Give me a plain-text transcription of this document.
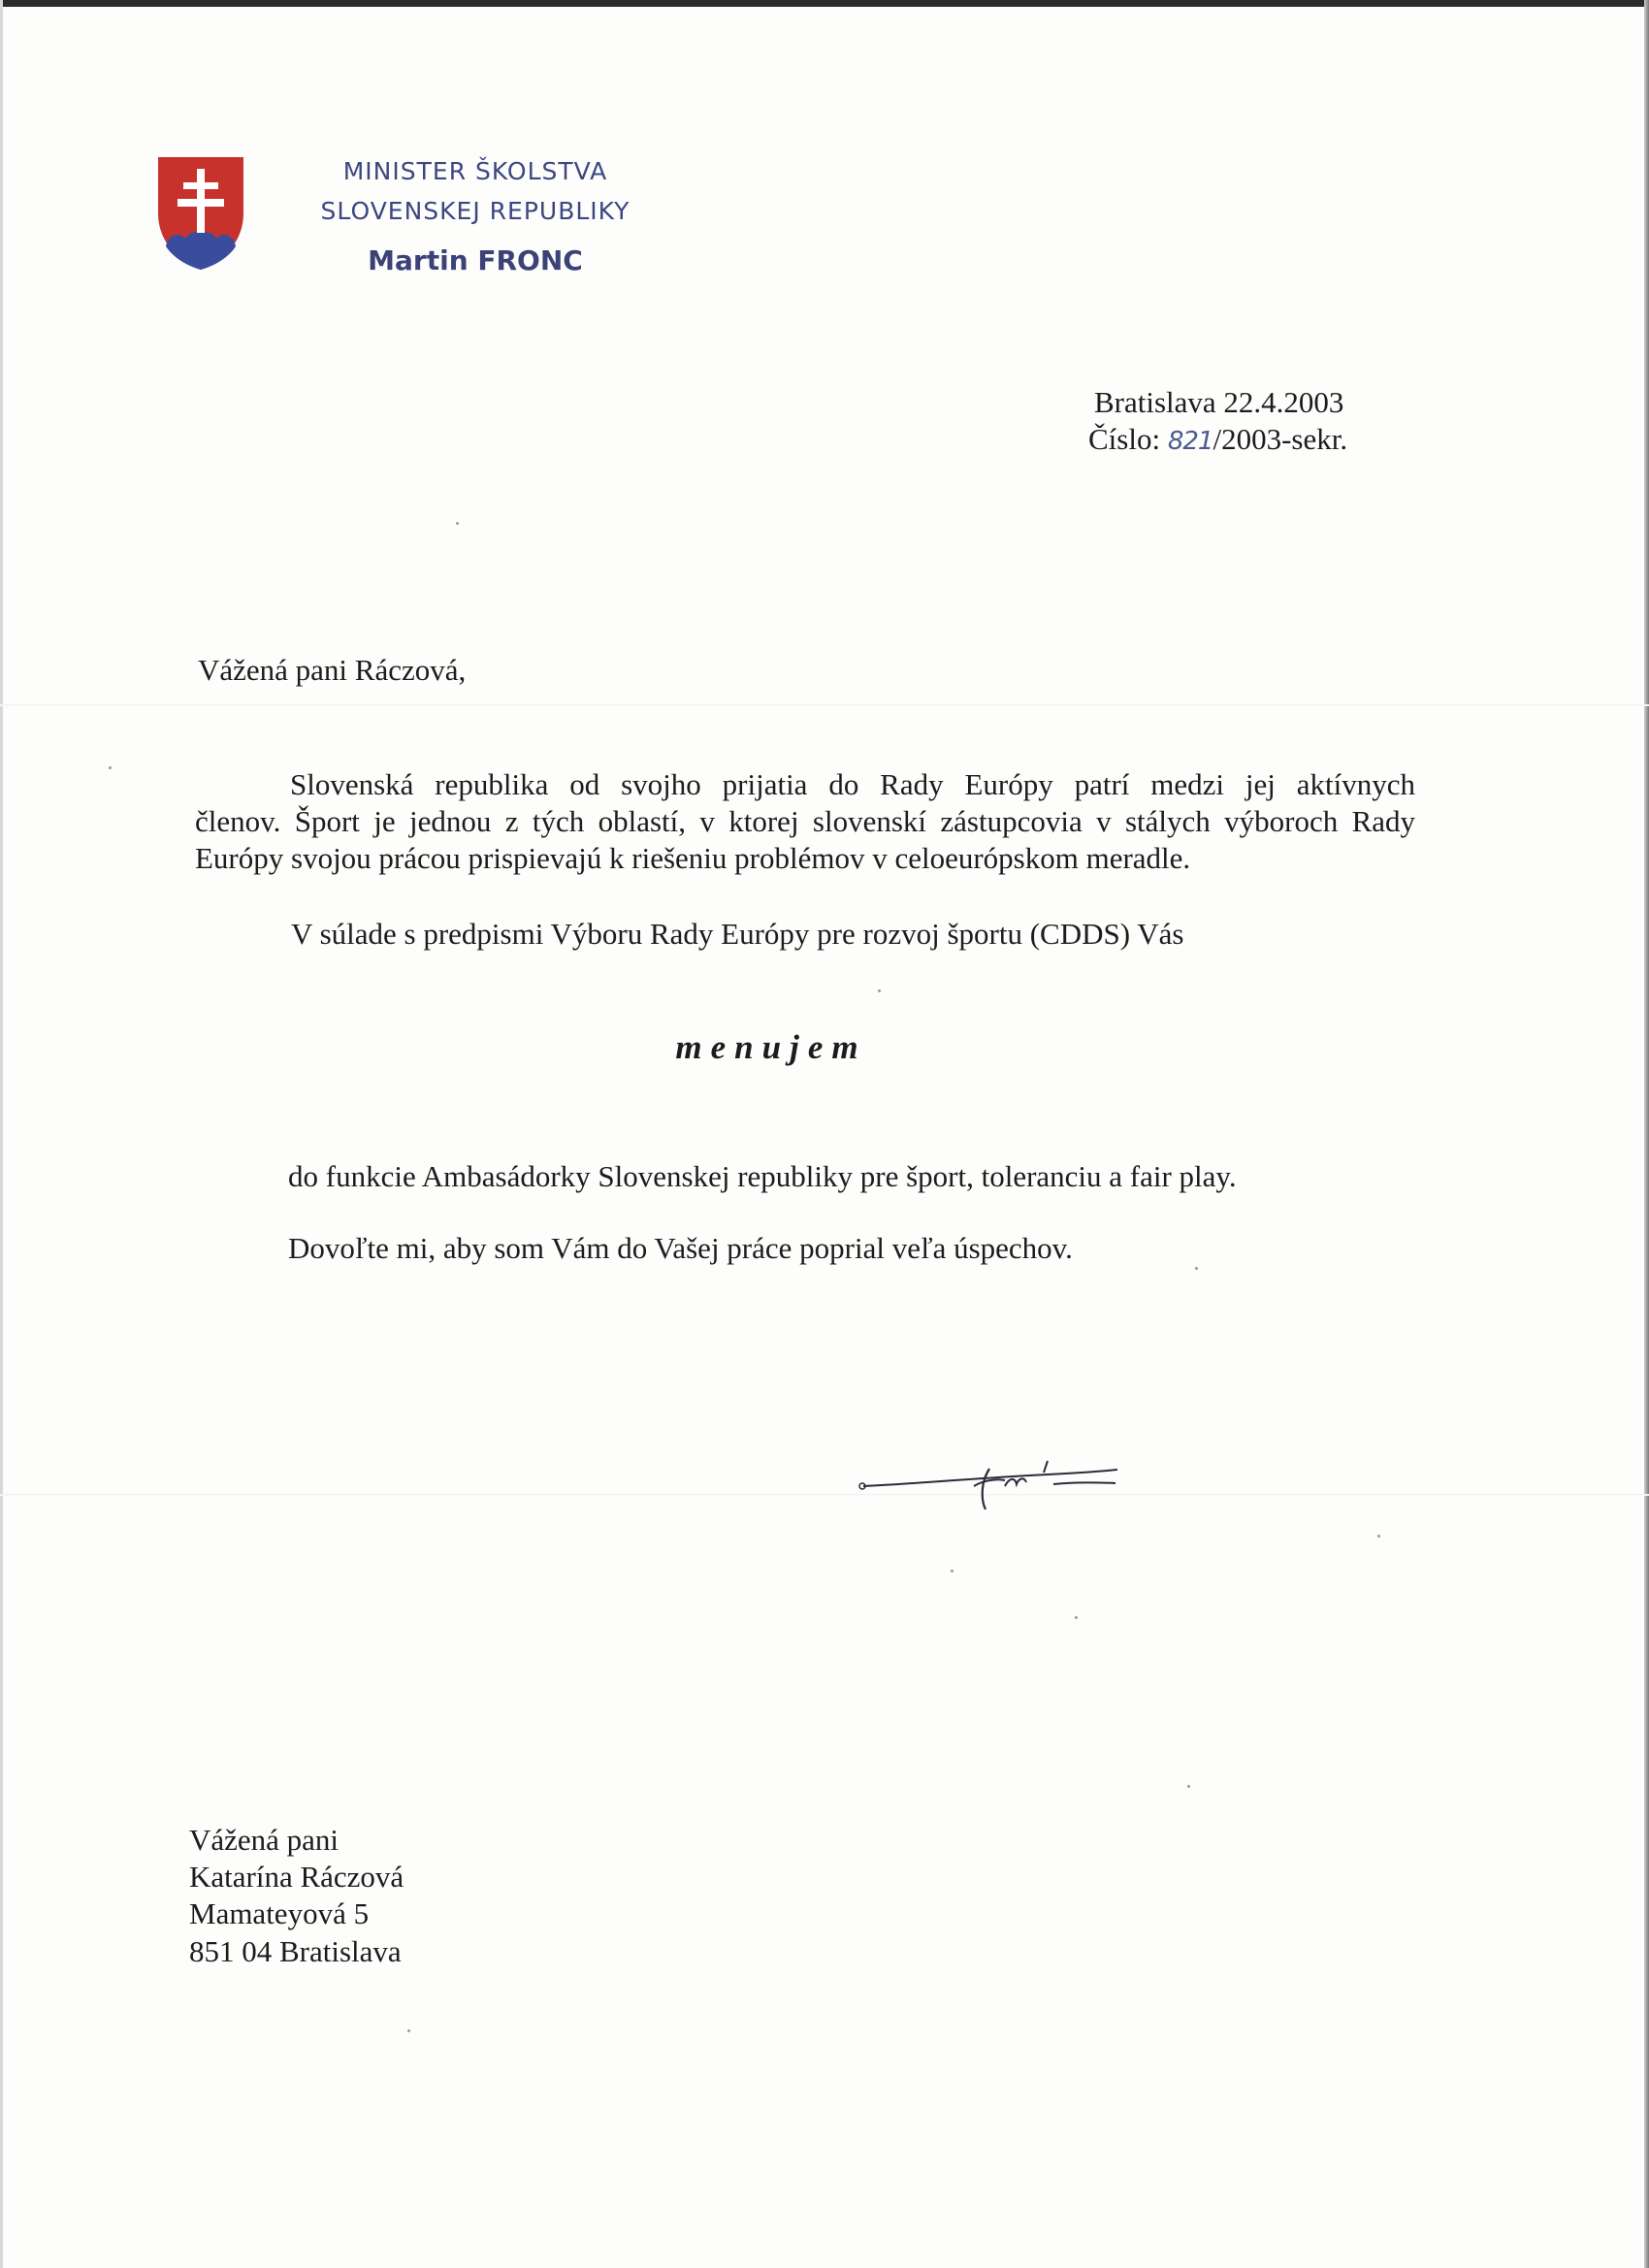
MINISTER ŠKOLSTVA
SLOVENSKEJ REPUBLIKY
Martin FRONC
Bratislava 22.4.2003
Číslo: 821/2003-sekr.
Vážená pani Ráczová,
Slovenská republika od svojho prijatia do Rady Európy patrí medzi jej aktívnych
členov. Šport je jednou z tých oblastí, v ktorej slovenskí zástupcovia v stálych výboroch Rady
Európy svojou prácou prispievajú k riešeniu problémov v celoeurópskom meradle.
V súlade s predpismi Výboru Rady Európy pre rozvoj športu (CDDS) Vás
menujem
do funkcie Ambasádorky Slovenskej republiky pre šport, toleranciu a fair play.
Dovoľte mi, aby som Vám do Vašej práce poprial veľa úspechov.
Vážená pani
Katarína Ráczová
Mamateyová 5
851 04 Bratislava
